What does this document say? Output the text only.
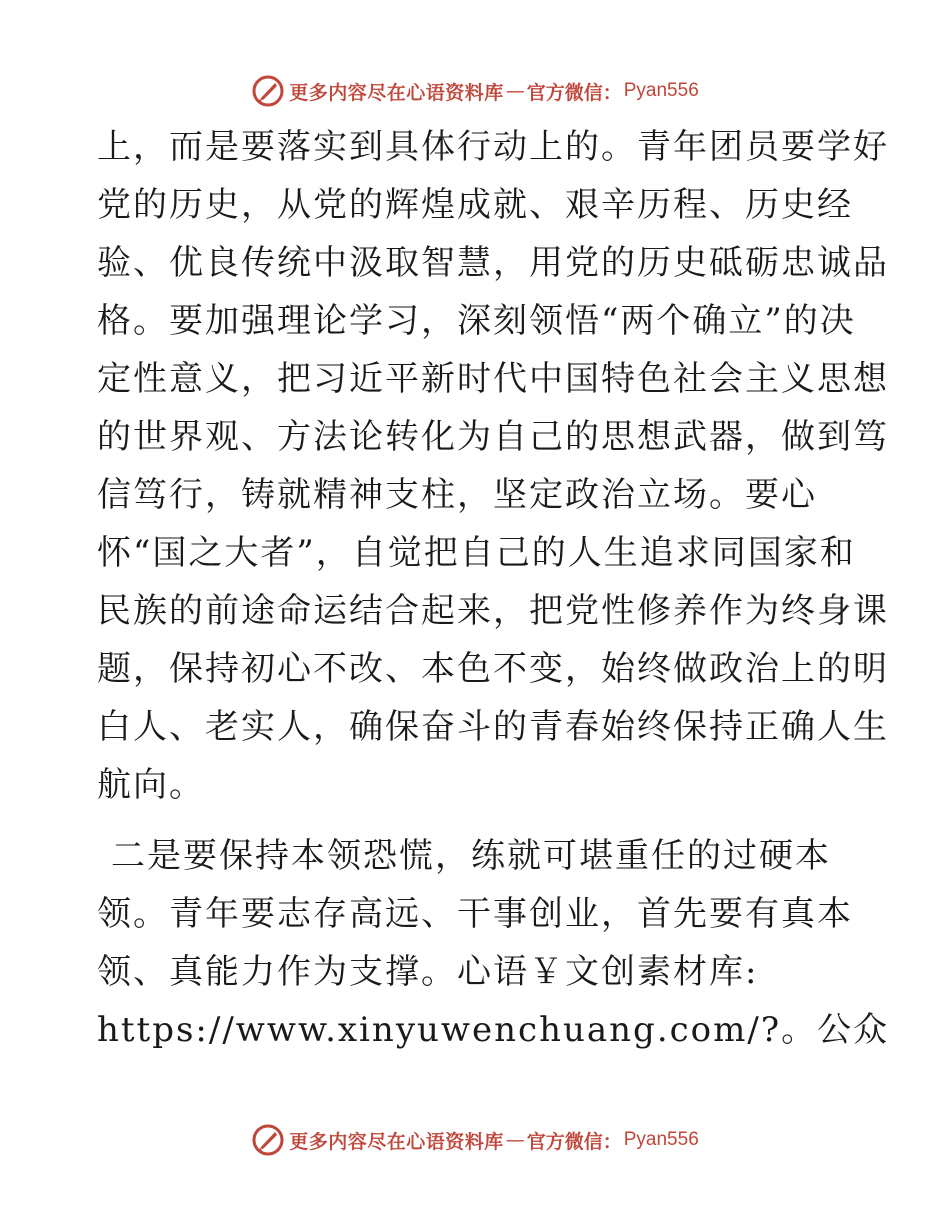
更多内容尽在心语资料库 — 官方微信： Pyan556
上，而是要落实到具体行动上的。青年团员要学好
党的历史，从党的辉煌成就、艰辛历程、历史经
验、优良传统中汲取智慧，用党的历史砥砺忠诚品
格。要加强理论学习，深刻领悟“两个确立”的决
定性意义，把习近平新时代中国特色社会主义思想
的世界观、方法论转化为自己的思想武器，做到笃
信笃行，铸就精神支柱，坚定政治立场。要心
怀“国之大者”，自觉把自己的人生追求同国家和
民族的前途命运结合起来，把党性修养作为终身课
题，保持初心不改、本色不变，始终做政治上的明
白人、老实人，确保奋斗的青春始终保持正确人生
航向。
二是要保持本领恐慌，练就可堪重任的过硬本
领。青年要志存高远、干事创业，首先要有真本
领、真能力作为支撑。心语￥文创素材库:
https://www.xinyuwenchuang.com/?。公众
更多内容尽在心语资料库 — 官方微信： Pyan556
